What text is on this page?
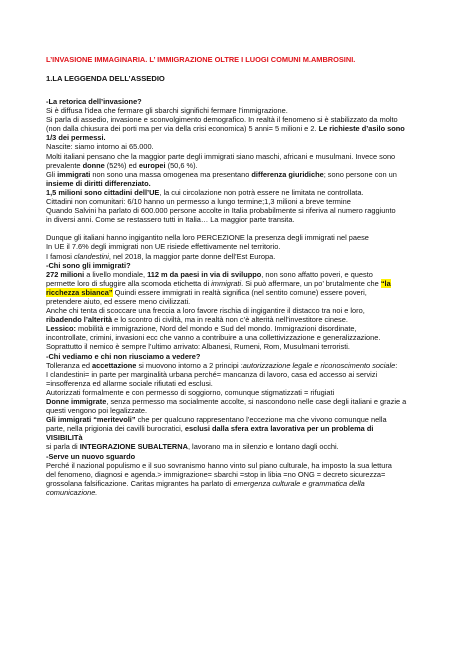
L’INVASIONE IMMAGINARIA. L’ IMMIGRAZIONE OLTRE I LUOGI COMUNI M.AMBROSINI.
1.LA LEGGENDA DELL’ASSEDIO

-La retorica dell’invasione?

Si è diffusa l’idea che fermare gli sbarchi significhi fermare l’immigrazione.

Si parla di assedio, invasione e sconvolgimento demografico. In realtà il fenomeno si è stabilizzato da molto

(non dalla chiusura dei porti ma per via della crisi economica) 5 anni= 5 milioni e 2. Le richieste d’asilo sono

1/3 dei permessi.

Nascite: siamo intorno ai 65.000.

Molti italiani pensano che la maggior parte degli immigrati siano maschi, africani e musulmani. Invece sono

prevalente donne (52%) ed europei (50,6 %).

Gli immigrati non sono una massa omogenea ma presentano differenza giuridiche; sono persone con un

insieme di diritti differenziato.

1,5 milioni sono cittadini dell’UE, la cui circolazione non potrà essere ne limitata ne controllata.

Cittadini non comunitari: 6/10 hanno un permesso a lungo termine;1,3 milioni a breve termine

Quando Salvini ha parlato di 600.000 persone accolte in Italia probabilmente si riferiva al numero raggiunto

in diversi anni. Come se restassero tutti in Italia… La maggior parte transita.

Dunque gli italiani hanno ingigantito nella loro PERCEZIONE la presenza degli immigrati nel paese

In UE il 7.6% degli immigrati non UE risiede effettivamente nel territorio.

I famosi clandestini, nel 2018, la maggior parte donne dell’Est Europa.

-Chi sono gli immigrati?

272 milioni a livello mondiale, 112 m da paesi in via di sviluppo, non sono affatto poveri, e questo

permette loro di sfuggire alla scomoda etichetta di immigrati. Si può affermare, un po’ brutalmente che “la

ricchezza sbianca” Quindi essere immigrati in realtà significa (nel sentito comune) essere poveri,

pretendere aiuto, ed essere meno civilizzati.

Anche chi tenta di scoccare una freccia a loro favore rischia di ingigantire il distacco tra noi e loro,

ribadendo l’alterità e lo scontro di civiltà, ma in realtà non c’è alterità nell’investitore cinese.

Lessico: mobilità e immigrazione, Nord del mondo e Sud del mondo. Immigrazioni disordinate,

incontrollate, crimini, invasioni ecc che vanno a contribuire a una collettivizzazione e generalizzazione.

Soprattutto il nemico è sempre l’ultimo arrivato: Albanesi, Rumeni, Rom, Musulmani terroristi.

-Chi vediamo e chi non riusciamo a vedere?

Tolleranza ed accettazione si muovono intorno a 2 principi :autorizzazione legale e riconoscimento sociale:

I clandestini= in parte per marginalità urbana perché= mancanza di lavoro, casa ed accesso ai servizi

=insofferenza ed allarme sociale rifiutati ed esclusi.

Autorizzati formalmente e con permesso di soggiorno, comunque stigmatizzati = rifugiati

Donne immigrate, senza permesso ma socialmente accolte, si nascondono nelle case degli italiani e grazie a

questi vengono poi legalizzate.

Gli immigrati “meritevoli” che per qualcuno rappresentano l’eccezione ma che vivono comunque nella

parte, nella prigionia dei cavilli burocratici, esclusi dalla sfera extra lavorativa per un problema di

VISIBILITà

si parla di INTEGRAZIONE SUBALTERNA, lavorano ma in silenzio e lontano dagli occhi.

-Serve un nuovo sguardo

Perché il nazional populismo e il suo sovranismo hanno vinto sul piano culturale, ha imposto la sua lettura

del fenomeno, diagnosi e agenda.> immigrazione= sbarchi =stop in libia =no ONG = decreto sicurezza=

grossolana falsificazione. Caritas migrantes ha parlato di emergenza culturale e grammatica della

comunicazione.
